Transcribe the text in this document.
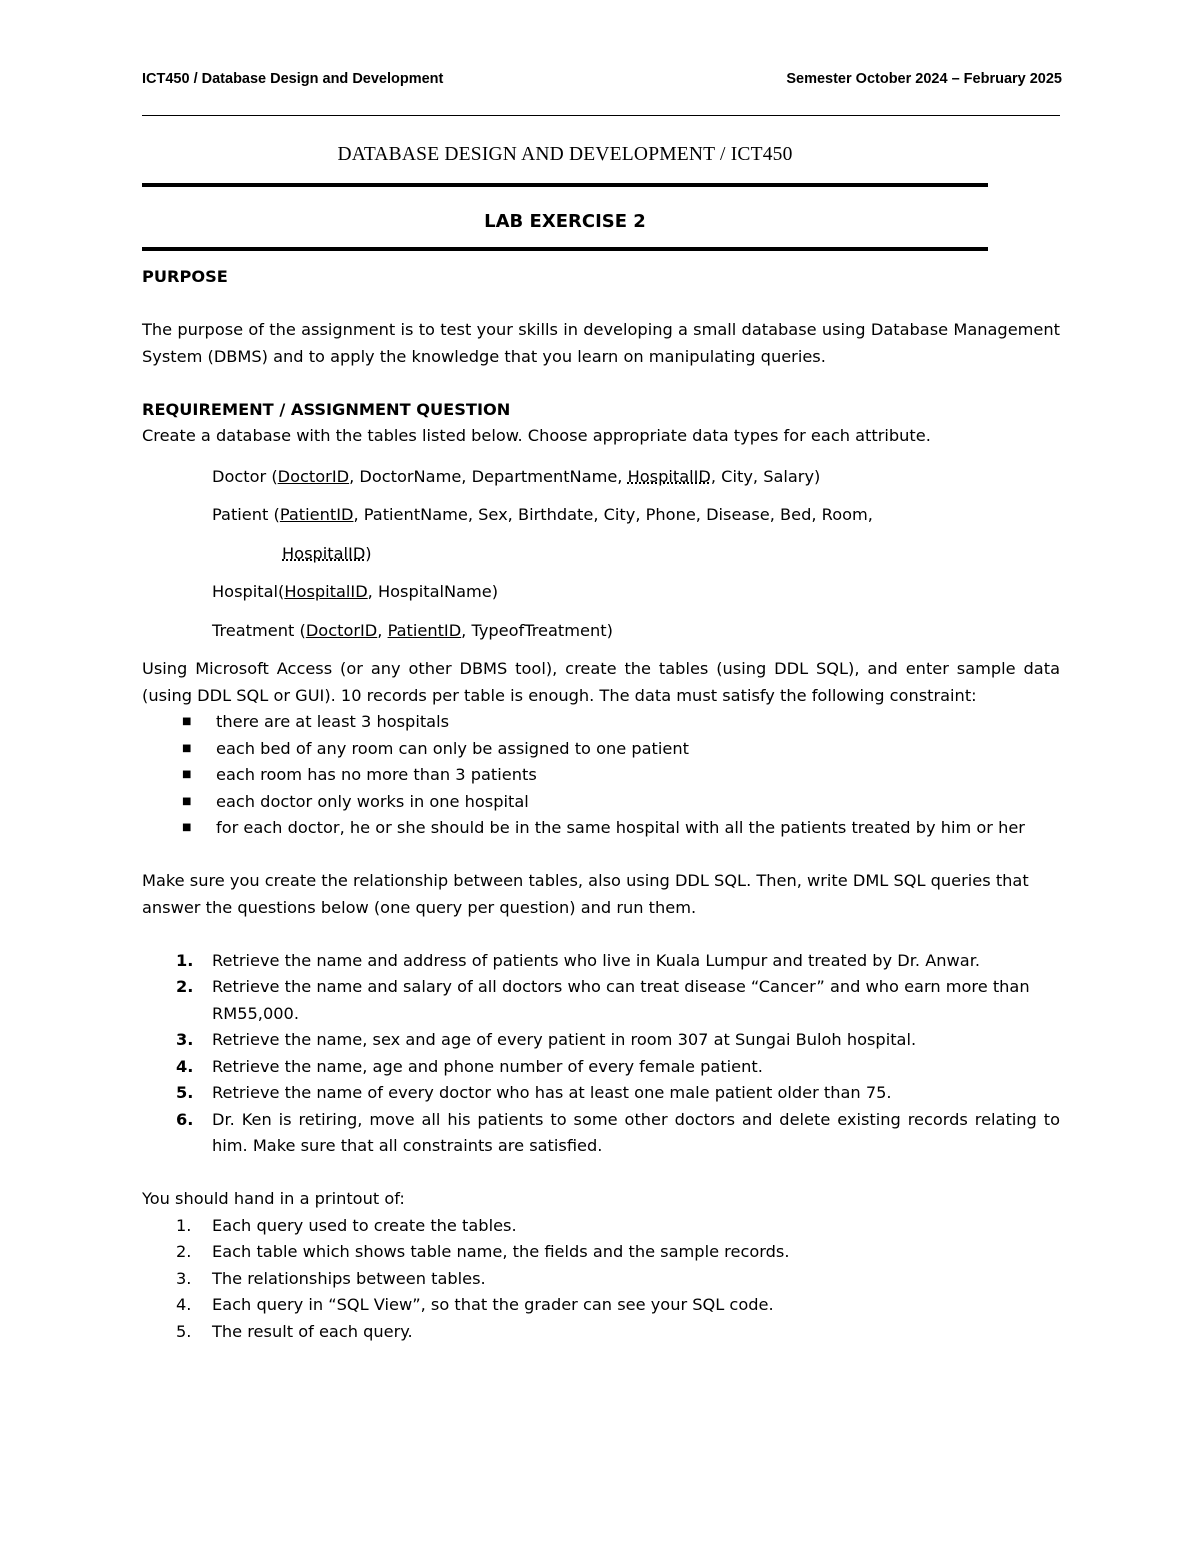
ICT450 / Database Design and Development	Semester October 2024 – February 2025
DATABASE DESIGN AND DEVELOPMENT / ICT450
LAB EXERCISE 2

PURPOSE

The purpose of the assignment is to test your skills in developing a small database using Database Management System (DBMS) and to apply the knowledge that you learn on manipulating queries.

REQUIREMENT / ASSIGNMENT QUESTION

Create a database with the tables listed below. Choose appropriate data types for each attribute.

Doctor (DoctorID, DoctorName, DepartmentName, HospitalID, City, Salary)

Patient (PatientID, PatientName, Sex, Birthdate, City, Phone, Disease, Bed, Room,

HospitalID)

Hospital(HospitalID, HospitalName)

Treatment (DoctorID, PatientID, TypeofTreatment)

Using Microsoft Access (or any other DBMS tool), create the tables (using DDL SQL), and enter sample data (using DDL SQL or GUI). 10 records per table is enough. The data must satisfy the following constraint:

■ there are at least 3 hospitals
■ each bed of any room can only be assigned to one patient
■ each room has no more than 3 patients
■ each doctor only works in one hospital
■ for each doctor, he or she should be in the same hospital with all the patients treated by him or her

Make sure you create the relationship between tables, also using DDL SQL. Then, write DML SQL queries that answer the questions below (one query per question) and run them.

1. Retrieve the name and address of patients who live in Kuala Lumpur and treated by Dr. Anwar.
2. Retrieve the name and salary of all doctors who can treat disease “Cancer” and who earn more than RM55,000.
3. Retrieve the name, sex and age of every patient in room 307 at Sungai Buloh hospital.
4. Retrieve the name, age and phone number of every female patient.
5. Retrieve the name of every doctor who has at least one male patient older than 75.
6. Dr. Ken is retiring, move all his patients to some other doctors and delete existing records relating to him. Make sure that all constraints are satisfied.

You should hand in a printout of:

1. Each query used to create the tables.
2. Each table which shows table name, the fields and the sample records.
3. The relationships between tables.
4. Each query in “SQL View”, so that the grader can see your SQL code.
5. The result of each query.
